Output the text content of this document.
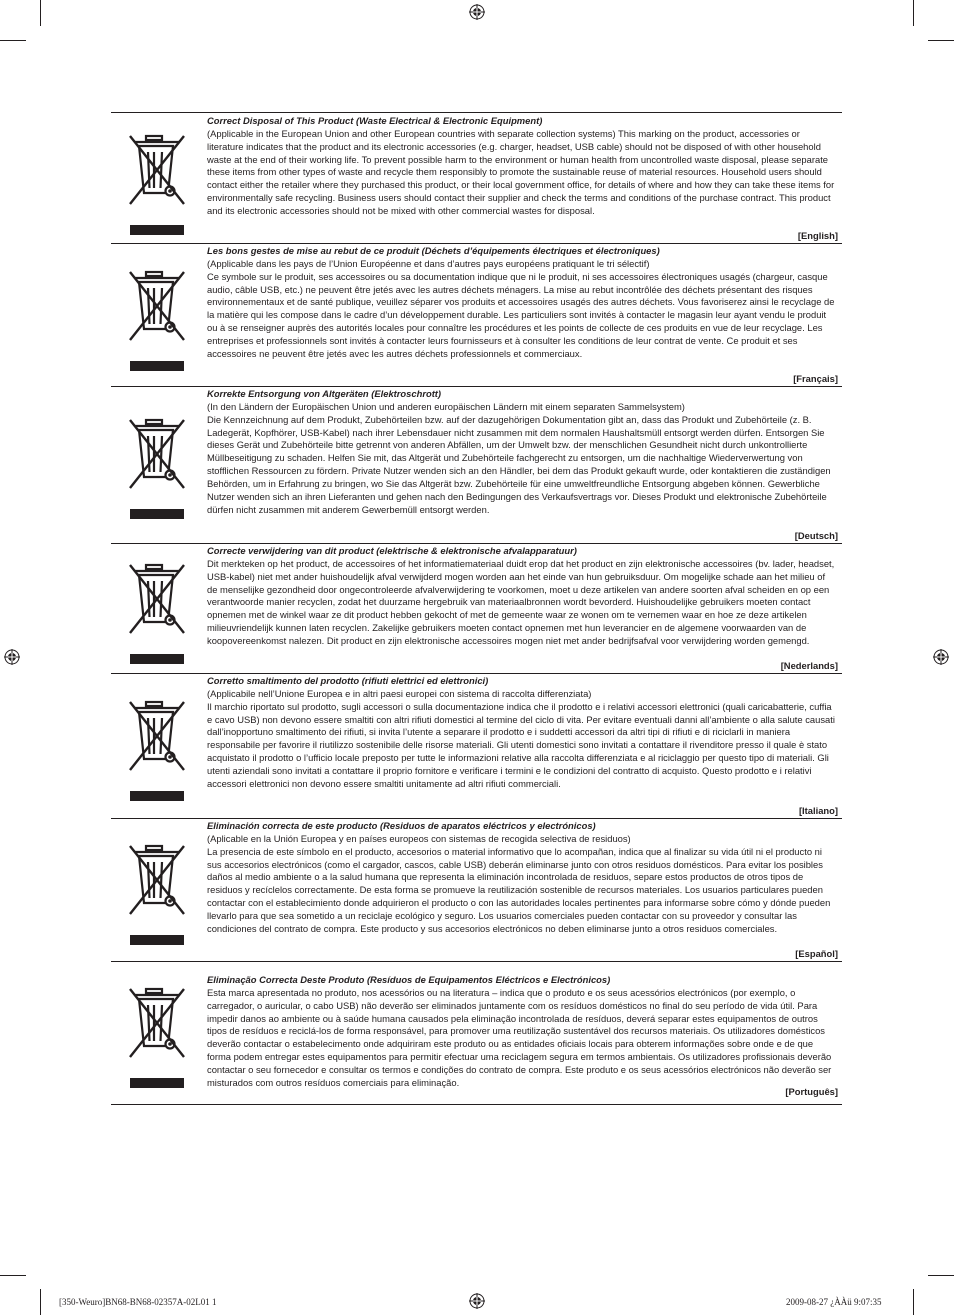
Correct Disposal of This Product (Waste Electrical & Electronic Equipment)

(Applicable in the European Union and other European countries with separate collection systems) This marking on the product, accessories or literature indicates that the product and its electronic accessories (e.g. charger, headset, USB cable) should not be disposed of with other household waste at the end of their working life. To prevent possible harm to the environment or human health from uncontrolled waste disposal, please separate these items from other types of waste and recycle them responsibly to promote the sustainable reuse of material resources. Household users should contact either the retailer where they purchased this product, or their local government office, for details of where and how they can take these items for environmentally safe recycling. Business users should contact their supplier and check the terms and conditions of the purchase contract. This product and its electronic accessories should not be mixed with other commercial wastes for disposal.

[English]
Les bons gestes de mise au rebut de ce produit (Déchets d’équipements électriques et électroniques)

(Applicable dans les pays de l’Union Européenne et dans d’autres pays européens pratiquant le tri sélectif)

Ce symbole sur le produit, ses accessoires ou sa documentation indique que ni le produit, ni ses accessoires électroniques usagés (chargeur, casque audio, câble USB, etc.) ne peuvent être jetés avec les autres déchets ménagers. La mise au rebut incontrôlée des déchets présentant des risques environnementaux et de santé publique, veuillez séparer vos produits et accessoires usagés des autres déchets. Vous favoriserez ainsi le recyclage de la matière qui les compose dans le cadre d’un développement durable. Les particuliers sont invités à contacter le magasin leur ayant vendu le produit ou à se renseigner auprès des autorités locales pour connaître les procédures et les points de collecte de ces produits en vue de leur recyclage. Les entreprises et professionnels sont invités à contacter leurs fournisseurs et à consulter les conditions de leur contrat de vente. Ce produit et ses accessoires ne peuvent être jetés avec les autres déchets professionnels et commerciaux.

[Français]
Korrekte Entsorgung von Altgeräten (Elektroschrott)

(In den Ländern der Europäischen Union und anderen europäischen Ländern mit einem separaten Sammelsystem)

Die Kennzeichnung auf dem Produkt, Zubehörteilen bzw. auf der dazugehörigen Dokumentation gibt an, dass das Produkt und Zubehörteile (z. B. Ladegerät, Kopfhörer, USB-Kabel) nach ihrer Lebensdauer nicht zusammen mit dem normalen Haushaltsmüll entsorgt werden dürfen. Entsorgen Sie dieses Gerät und Zubehörteile bitte getrennt von anderen Abfällen, um der Umwelt bzw. der menschlichen Gesundheit nicht durch unkontrollierte Müllbeseitigung zu schaden. Helfen Sie mit, das Altgerät und Zubehörteile fachgerecht zu entsorgen, um die nachhaltige Wiederverwertung von stofflichen Ressourcen zu fördern. Private Nutzer wenden sich an den Händler, bei dem das Produkt gekauft wurde, oder kontaktieren die zuständigen Behörden, um in Erfahrung zu bringen, wo Sie das Altgerät bzw. Zubehörteile für eine umweltfreundliche Entsorgung abgeben können. Gewerbliche Nutzer wenden sich an ihren Lieferanten und gehen nach den Bedingungen des Verkaufsvertrags vor. Dieses Produkt und elektronische Zubehörteile dürfen nicht zusammen mit anderem Gewerbemüll entsorgt werden.

[Deutsch]
Correcte verwijdering van dit product (elektrische & elektronische afvalapparatuur)

Dit merkteken op het product, de accessoires of het informatiemateriaal duidt erop dat het product en zijn elektronische accessoires (bv. lader, headset, USB-kabel) niet met ander huishoudelijk afval verwijderd mogen worden aan het einde van hun gebruiksduur. Om mogelijke schade aan het milieu of de menselijke gezondheid door ongecontroleerde afvalverwijdering te voorkomen, moet u deze artikelen van andere soorten afval scheiden en op een verantwoorde manier recyclen, zodat het duurzame hergebruik van materiaalbronnen wordt bevorderd. Huishoudelijke gebruikers moeten contact opnemen met de winkel waar ze dit product hebben gekocht of met de gemeente waar ze wonen om te vernemen waar en hoe ze deze artikelen milieuvriendelijk kunnen laten recyclen. Zakelijke gebruikers moeten contact opnemen met hun leverancier en de algemene voorwaarden van de koopovereenkomst nalezen. Dit product en zijn elektronische accessoires mogen niet met ander bedrijfsafval voor verwijdering worden gemengd.

[Nederlands]
Corretto smaltimento del prodotto (rifiuti elettrici ed elettronici)

(Applicabile nell’Unione Europea e in altri paesi europei con sistema di raccolta differenziata)

Il marchio riportato sul prodotto, sugli accessori o sulla documentazione indica che il prodotto e i relativi accessori elettronici (quali caricabatterie, cuffia e cavo USB) non devono essere smaltiti con altri rifiuti domestici al termine del ciclo di vita. Per evitare eventuali danni all’ambiente o alla salute causati dall’inopportuno smaltimento dei rifiuti, si invita l’utente a separare il prodotto e i suddetti accessori da altri tipi di rifiuti e di riciclarli in maniera responsabile per favorire il riutilizzo sostenibile delle risorse materiali. Gli utenti domestici sono invitati a contattare il rivenditore presso il quale è stato acquistato il prodotto o l’ufficio locale preposto per tutte le informazioni relative alla raccolta differenziata e al riciclaggio per questo tipo di materiali. Gli utenti aziendali sono invitati a contattare il proprio fornitore e verificare i termini e le condizioni del contratto di acquisto. Questo prodotto e i relativi accessori elettronici non devono essere smaltiti unitamente ad altri rifiuti commerciali.

[Italiano]
Eliminación correcta de este producto (Residuos de aparatos eléctricos y electrónicos)

(Aplicable en la Unión Europea y en países europeos con sistemas de recogida selectiva de residuos)

La presencia de este símbolo en el producto, accesorios o material informativo que lo acompañan, indica que al finalizar su vida útil ni el producto ni sus accesorios electrónicos (como el cargador, cascos, cable USB) deberán eliminarse junto con otros residuos domésticos. Para evitar los posibles daños al medio ambiente o a la salud humana que representa la eliminación incontrolada de residuos, separe estos productos de otros tipos de residuos y recíclelos correctamente. De esta forma se promueve la reutilización sostenible de recursos materiales. Los usuarios particulares pueden contactar con el establecimiento donde adquirieron el producto o con las autoridades locales pertinentes para informarse sobre cómo y dónde pueden llevarlo para que sea sometido a un reciclaje ecológico y seguro. Los usuarios comerciales pueden contactar con su proveedor y consultar las condiciones del contrato de compra. Este producto y sus accesorios electrónicos no deben eliminarse junto a otros residuos comerciales.

[Español]
Eliminação Correcta Deste Produto (Resíduos de Equipamentos Eléctricos e Electrónicos)

Esta marca apresentada no produto, nos acessórios ou na literatura – indica que o produto e os seus acessórios electrónicos (por exemplo, o carregador, o auricular, o cabo USB) não deverão ser eliminados juntamente com os resíduos domésticos no final do seu período de vida útil. Para impedir danos ao ambiente ou à saúde humana causados pela eliminação incontrolada de resíduos, deverá separar estes equipamentos de outros tipos de resíduos e reciclá-los de forma responsável, para promover uma reutilização sustentável dos recursos materiais. Os utilizadores domésticos deverão contactar o estabelecimento onde adquiriram este produto ou as entidades oficiais locais para obterem informações sobre onde e de que forma podem entregar estes equipamentos para permitir efectuar uma reciclagem segura em termos ambientais. Os utilizadores profissionais deverão contactar o seu fornecedor e consultar os termos e condições do contrato de compra. Este produto e os seus acessórios electrónicos não deverão ser misturados com outros resíduos comerciais para eliminação.

[Português]
[350-Weuro]BN68-BN68-02357A-02L01 1	2009-08-27 ¿ÀÀü 9:07:35
